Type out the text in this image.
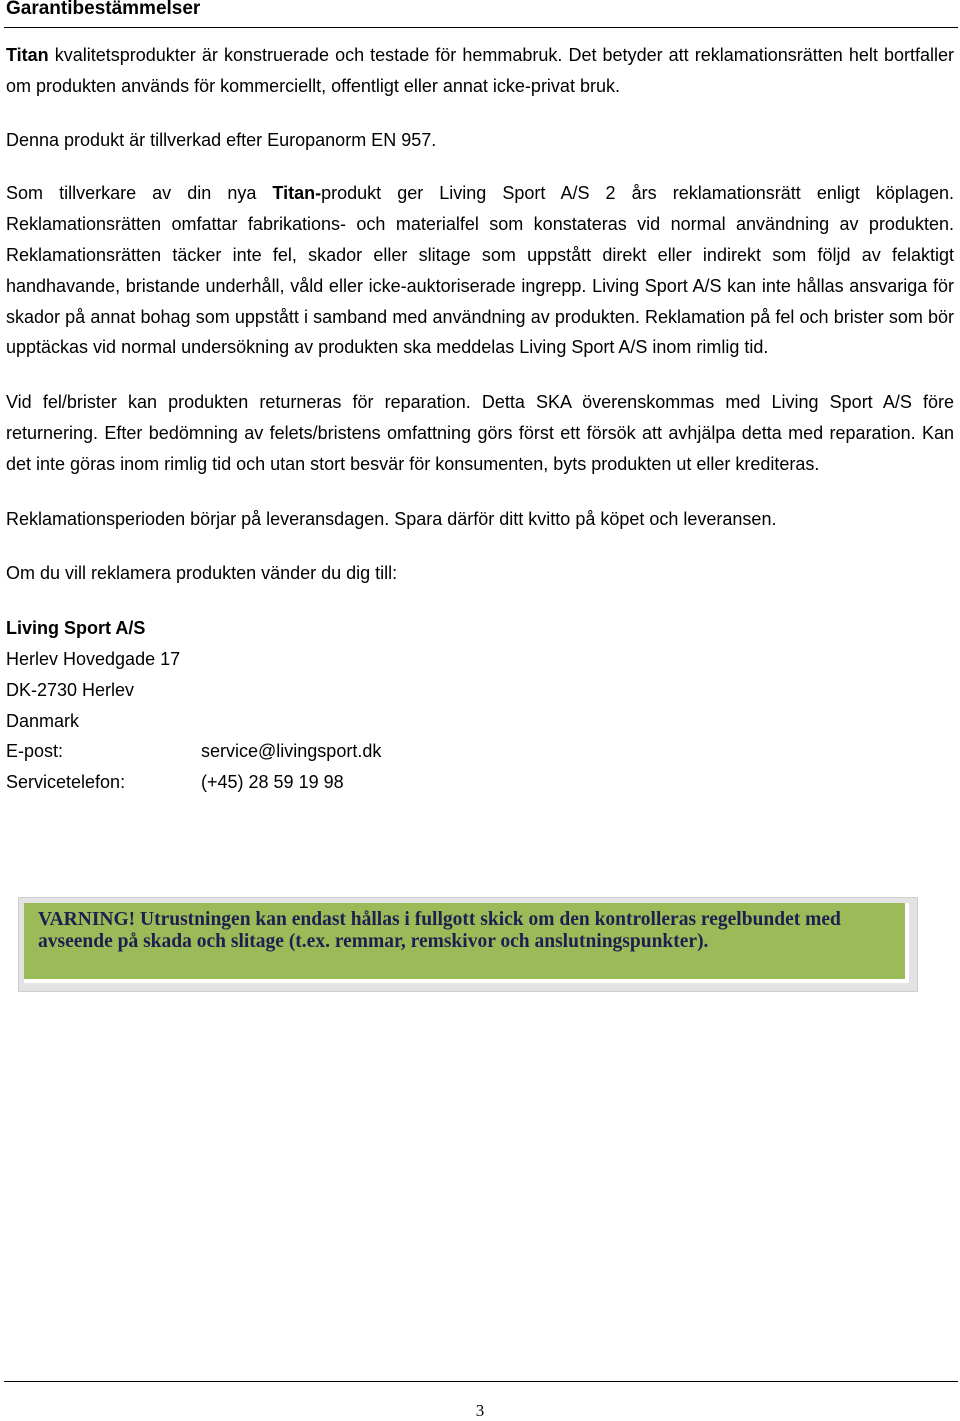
Garantibestämmelser

Titan kvalitetsprodukter är konstruerade och testade för hemmabruk. Det betyder att reklamationsrätten helt bortfaller om produkten används för kommerciellt, offentligt eller annat icke-privat bruk.

Denna produkt är tillverkad efter Europanorm EN 957.

Som tillverkare av din nya Titan-produkt ger Living Sport A/S 2 års reklamationsrätt enligt köplagen. Reklamationsrätten omfattar fabrikations- och materialfel som konstateras vid normal användning av produkten. Reklamationsrätten täcker inte fel, skador eller slitage som uppstått direkt eller indirekt som följd av felaktigt handhavande, bristande underhåll, våld eller icke-auktoriserade ingrepp. Living Sport A/S kan inte hållas ansvariga för skador på annat bohag som uppstått i samband med användning av produkten. Reklamation på fel och brister som bör upptäckas vid normal undersökning av produkten ska meddelas Living Sport A/S inom rimlig tid.

Vid fel/brister kan produkten returneras för reparation. Detta SKA överenskommas med Living Sport A/S före returnering. Efter bedömning av felets/bristens omfattning görs först ett försök att avhjälpa detta med reparation. Kan det inte göras inom rimlig tid och utan stort besvär för konsumenten, byts produkten ut eller krediteras.

Reklamationsperioden börjar på leveransdagen. Spara därför ditt kvitto på köpet och leveransen.

Om du vill reklamera produkten vänder du dig till:

Living Sport A/S
Herlev Hovedgade 17
DK-2730 Herlev
Danmark
E-post:	service@livingsport.dk
Servicetelefon:	(+45) 28 59 19 98
VARNING! Utrustningen kan endast hållas i fullgott skick om den kontrolleras regelbundet med avseende på skada och slitage (t.ex. remmar, remskivor och anslutningspunkter).
3
